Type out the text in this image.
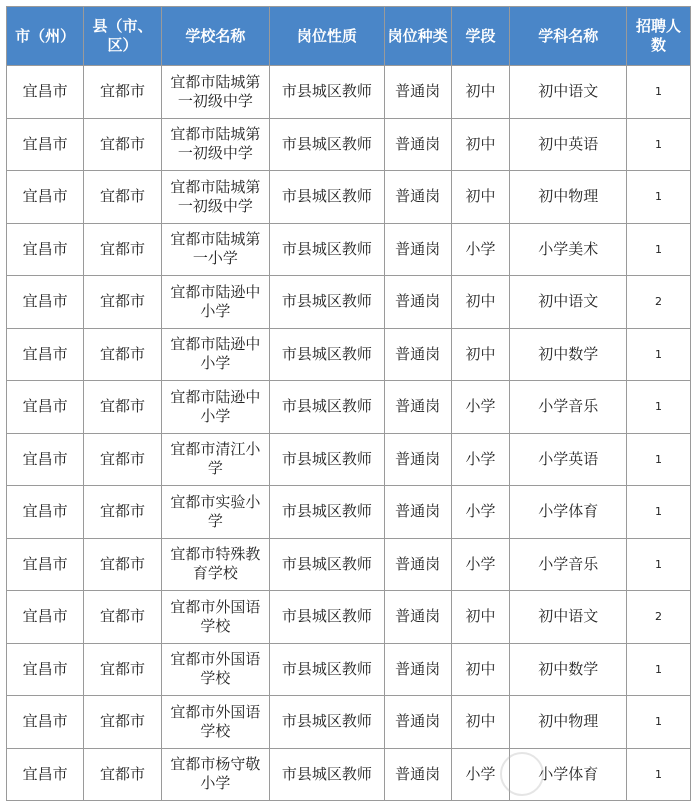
市（州）	县（市、区）	学校名称	岗位性质	岗位种类	学段	学科名称	招聘人数
宜昌市	宜都市	宜都市陆城第一初级中学	市县城区教师	普通岗	初中	初中语文	1
宜昌市	宜都市	宜都市陆城第一初级中学	市县城区教师	普通岗	初中	初中英语	1
宜昌市	宜都市	宜都市陆城第一初级中学	市县城区教师	普通岗	初中	初中物理	1
宜昌市	宜都市	宜都市陆城第一小学	市县城区教师	普通岗	小学	小学美术	1
宜昌市	宜都市	宜都市陆逊中小学	市县城区教师	普通岗	初中	初中语文	2
宜昌市	宜都市	宜都市陆逊中小学	市县城区教师	普通岗	初中	初中数学	1
宜昌市	宜都市	宜都市陆逊中小学	市县城区教师	普通岗	小学	小学音乐	1
宜昌市	宜都市	宜都市清江小学	市县城区教师	普通岗	小学	小学英语	1
宜昌市	宜都市	宜都市实验小学	市县城区教师	普通岗	小学	小学体育	1
宜昌市	宜都市	宜都市特殊教育学校	市县城区教师	普通岗	小学	小学音乐	1
宜昌市	宜都市	宜都市外国语学校	市县城区教师	普通岗	初中	初中语文	2
宜昌市	宜都市	宜都市外国语学校	市县城区教师	普通岗	初中	初中数学	1
宜昌市	宜都市	宜都市外国语学校	市县城区教师	普通岗	初中	初中物理	1
宜昌市	宜都市	宜都市杨守敬小学	市县城区教师	普通岗	小学	小学体育	1
